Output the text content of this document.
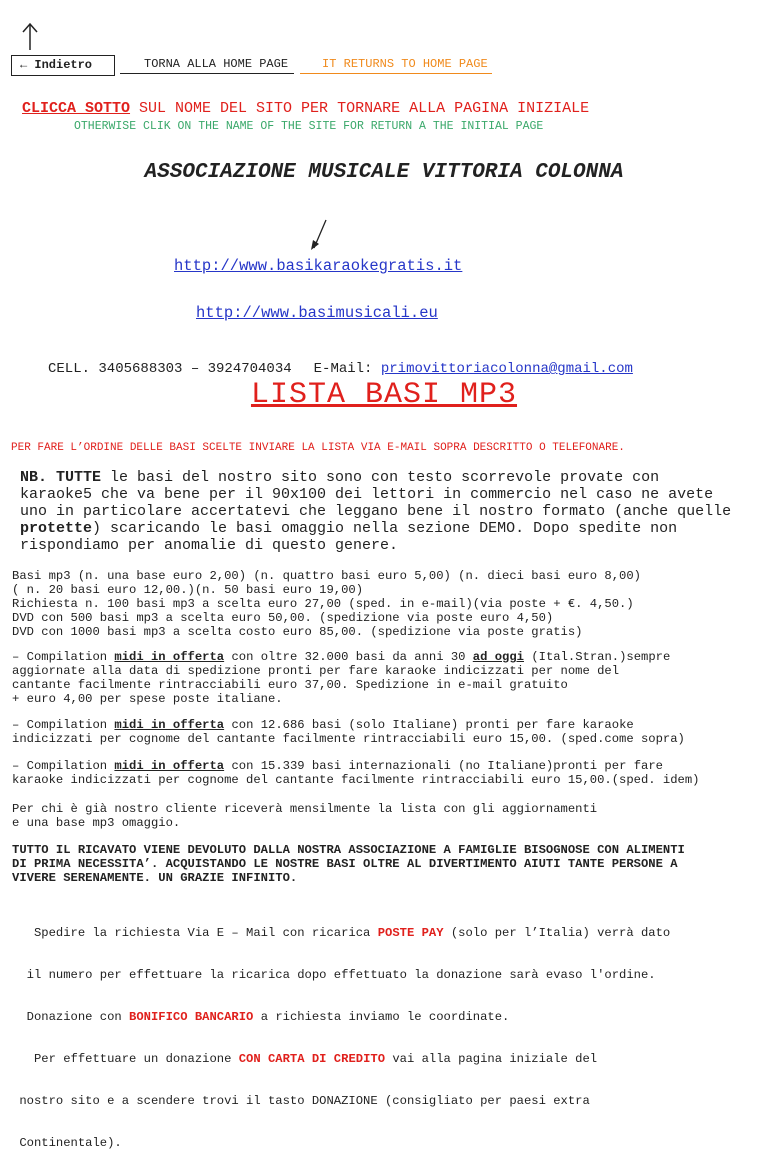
← Indietro	TORNA ALLA HOME PAGE	IT RETURNS TO HOME PAGE
CLICCA SOTTO SUL NOME DEL SITO PER TORNARE ALLA PAGINA INIZIALE
OTHERWISE CLIK ON THE NAME OF THE SITE FOR RETURN A THE INITIAL PAGE
ASSOCIAZIONE MUSICALE VITTORIA COLONNA
http://www.basikaraokegratis.it
http://www.basimusicali.eu
CELL. 3405688303 – 3924704034 E-Mail: primovittoriacolonna@gmail.com
LISTA BASI MP3
PER FARE L’ORDINE DELLE BASI SCELTE INVIARE LA LISTA VIA E-MAIL SOPRA DESCRITTO O TELEFONARE.
NB. TUTTE le basi del nostro sito sono con testo scorrevole provate con karaoke5 che va bene per il 90x100 dei lettori in commercio nel caso ne avete uno in particolare accertatevi che leggano bene il nostro formato (anche quelle protette) scaricando le basi omaggio nella sezione DEMO. Dopo spedite non rispondiamo per anomalie di questo genere.
Basi mp3 (n. una base euro 2,00) (n. quattro basi euro 5,00) (n. dieci basi euro 8,00)
( n. 20 basi euro 12,00.)(n. 50 basi euro 19,00)
Richiesta n. 100 basi mp3 a scelta euro 27,00 (sped. in e-mail)(via poste + €. 4,50.)
DVD con 500 basi mp3 a scelta euro 50,00. (spedizione via poste euro 4,50)
DVD con 1000 basi mp3 a scelta costo euro 85,00. (spedizione via poste gratis)
– Compilation midi in offerta con oltre 32.000 basi da anni 30 ad oggi (Ital.Stran.)sempre
aggiornate alla data di spedizione pronti per fare karaoke indicizzati per nome del
cantante facilmente rintracciabili euro 37,00. Spedizione in e-mail gratuito
+ euro 4,00 per spese poste italiane.
– Compilation midi in offerta con 12.686 basi (solo Italiane) pronti per fare karaoke
indicizzati per cognome del cantante facilmente rintracciabili euro 15,00. (sped.come sopra)
– Compilation midi in offerta con 15.339 basi internazionali (no Italiane)pronti per fare
karaoke indicizzati per cognome del cantante facilmente rintracciabili euro 15,00.(sped. idem)
Per chi è già nostro cliente riceverà mensilmente la lista con gli aggiornamenti
e una base mp3 omaggio.
TUTTO IL RICAVATO VIENE DEVOLUTO DALLA NOSTRA ASSOCIAZIONE A FAMIGLIE BISOGNOSE CON ALIMENTI
DI PRIMA NECESSITA’. ACQUISTANDO LE NOSTRE BASI OLTRE AL DIVERTIMENTO AIUTI TANTE PERSONE A
VIVERE SERENAMENTE. UN GRAZIE INFINITO.

Spedire la richiesta Via E – Mail con ricarica POSTE PAY (solo per l’Italia) verrà dato

il numero per effettuare la ricarica dopo effettuato la donazione sarà evaso l'ordine.

Donazione con BONIFICO BANCARIO a richiesta inviamo le coordinate.

Per effettuare un donazione CON CARTA DI CREDITO vai alla pagina iniziale del

nostro sito e a scendere trovi il tasto DONAZIONE (consigliato per paesi extra

Continentale).
